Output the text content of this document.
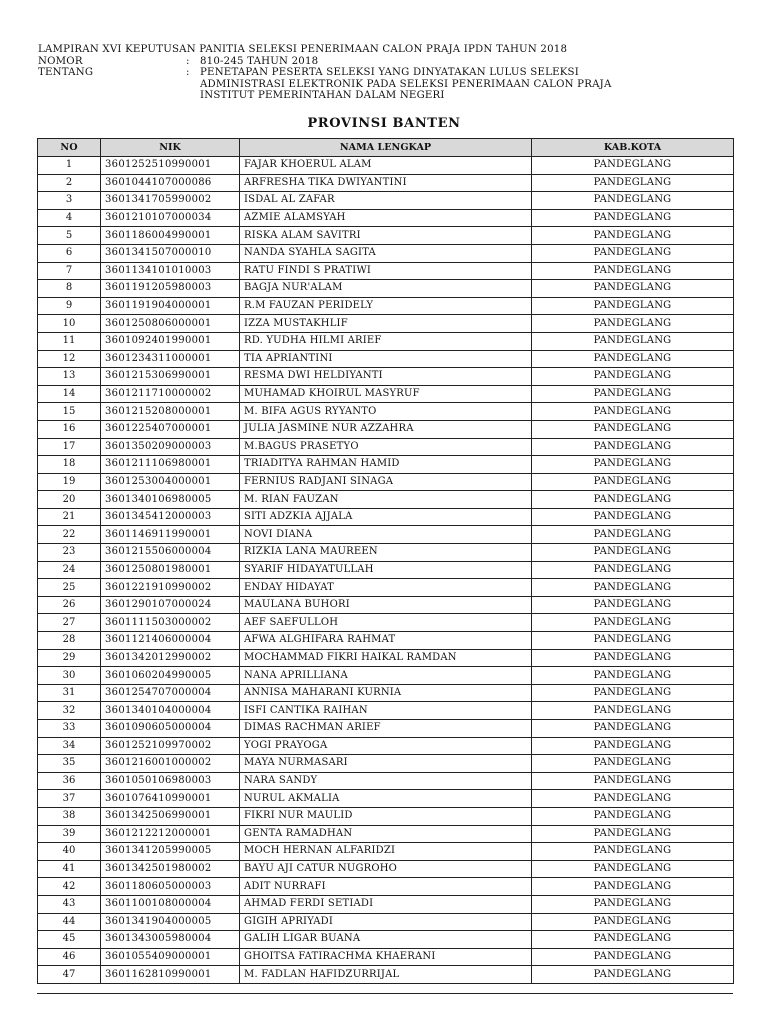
LAMPIRAN XVI KEPUTUSAN PANITIA SELEKSI PENERIMAAN CALON PRAJA IPDN TAHUN 2018
NOMOR	:	810-245 TAHUN 2018
TENTANG	:	PENETAPAN PESERTA SELEKSI YANG DINYATAKAN LULUS SELEKSI
ADMINISTRASI ELEKTRONIK PADA SELEKSI PENERIMAAN CALON PRAJA
INSTITUT PEMERINTAHAN DALAM NEGERI
PROVINSI BANTEN
NO	NIK	NAMA LENGKAP	KAB.KOTA
1	3601252510990001	FAJAR KHOERUL ALAM	PANDEGLANG
2	3601044107000086	ARFRESHA TIKA DWIYANTINI	PANDEGLANG
3	3601341705990002	ISDAL AL ZAFAR	PANDEGLANG
4	3601210107000034	AZMIE ALAMSYAH	PANDEGLANG
5	3601186004990001	RISKA ALAM SAVITRI	PANDEGLANG
6	3601341507000010	NANDA SYAHLA SAGITA	PANDEGLANG
7	3601134101010003	RATU FINDI S PRATIWI	PANDEGLANG
8	3601191205980003	BAGJA NUR'ALAM	PANDEGLANG
9	3601191904000001	R.M FAUZAN PERIDELY	PANDEGLANG
10	3601250806000001	IZZA MUSTAKHLIF	PANDEGLANG
11	3601092401990001	RD. YUDHA HILMI ARIEF	PANDEGLANG
12	3601234311000001	TIA APRIANTINI	PANDEGLANG
13	3601215306990001	RESMA DWI HELDIYANTI	PANDEGLANG
14	3601211710000002	MUHAMAD KHOIRUL MASYRUF	PANDEGLANG
15	3601215208000001	M. BIFA AGUS RYYANTO	PANDEGLANG
16	3601225407000001	JULIA JASMINE NUR AZZAHRA	PANDEGLANG
17	3601350209000003	M.BAGUS PRASETYO	PANDEGLANG
18	3601211106980001	TRIADITYA RAHMAN HAMID	PANDEGLANG
19	3601253004000001	FERNIUS RADJANI SINAGA	PANDEGLANG
20	3601340106980005	M. RIAN FAUZAN	PANDEGLANG
21	3601345412000003	SITI ADZKIA AJJALA	PANDEGLANG
22	3601146911990001	NOVI DIANA	PANDEGLANG
23	3601215506000004	RIZKIA LANA MAUREEN	PANDEGLANG
24	3601250801980001	SYARIF HIDAYATULLAH	PANDEGLANG
25	3601221910990002	ENDAY HIDAYAT	PANDEGLANG
26	3601290107000024	MAULANA BUHORI	PANDEGLANG
27	3601111503000002	AEF SAEFULLOH	PANDEGLANG
28	3601121406000004	AFWA ALGHIFARA RAHMAT	PANDEGLANG
29	3601342012990002	MOCHAMMAD FIKRI HAIKAL RAMDAN	PANDEGLANG
30	3601060204990005	NANA APRILLIANA	PANDEGLANG
31	3601254707000004	ANNISA MAHARANI KURNIA	PANDEGLANG
32	3601340104000004	ISFI CANTIKA RAIHAN	PANDEGLANG
33	3601090605000004	DIMAS RACHMAN ARIEF	PANDEGLANG
34	3601252109970002	YOGI PRAYOGA	PANDEGLANG
35	3601216001000002	MAYA NURMASARI	PANDEGLANG
36	3601050106980003	NARA SANDY	PANDEGLANG
37	3601076410990001	NURUL AKMALIA	PANDEGLANG
38	3601342506990001	FIKRI NUR MAULID	PANDEGLANG
39	3601212212000001	GENTA RAMADHAN	PANDEGLANG
40	3601341205990005	MOCH HERNAN ALFARIDZI	PANDEGLANG
41	3601342501980002	BAYU AJI CATUR NUGROHO	PANDEGLANG
42	3601180605000003	ADIT NURRAFI	PANDEGLANG
43	3601100108000004	AHMAD FERDI SETIADI	PANDEGLANG
44	3601341904000005	GIGIH APRIYADI	PANDEGLANG
45	3601343005980004	GALIH LIGAR BUANA	PANDEGLANG
46	3601055409000001	GHOITSA FATIRACHMA KHAERANI	PANDEGLANG
47	3601162810990001	M. FADLAN HAFIDZURRIJAL	PANDEGLANG
